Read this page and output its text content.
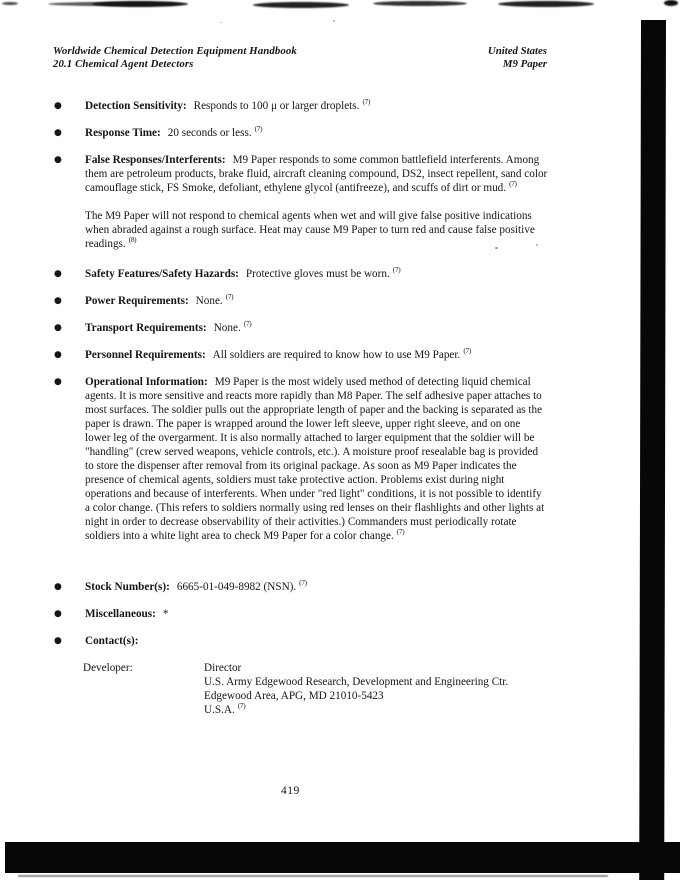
Worldwide Chemical Detection Equipment Handbook
20.1 Chemical Agent Detectors
United States
M9 Paper
● Detection Sensitivity: Responds to 100 μ or larger droplets. $^{(7)}$
● Response Time: 20 seconds or less. $^{(7)}$
● False Responses/Interferents: M9 Paper responds to some common battlefield interferents. Among them are petroleum products, brake fluid, aircraft cleaning compound, DS2, insect repellent, sand color camouflage stick, FS Smoke, defoliant, ethylene glycol (antifreeze), and scuffs of dirt or mud. $^{(7)}$
The M9 Paper will not respond to chemical agents when wet and will give false positive indications when abraded against a rough surface. Heat may cause M9 Paper to turn red and cause false positive readings. $^{(8)}$
● Safety Features/Safety Hazards: Protective gloves must be worn. $^{(7)}$
● Power Requirements: None. $^{(7)}$
● Transport Requirements: None. $^{(7)}$
● Personnel Requirements: All soldiers are required to know how to use M9 Paper. $^{(7)}$
● Operational Information: M9 Paper is the most widely used method of detecting liquid chemical agents. It is more sensitive and reacts more rapidly than M8 Paper. The self adhesive paper attaches to most surfaces. The soldier pulls out the appropriate length of paper and the backing is separated as the paper is drawn. The paper is wrapped around the lower left sleeve, upper right sleeve, and on one lower leg of the overgarment. It is also normally attached to larger equipment that the soldier will be "handling" (crew served weapons, vehicle controls, etc.). A moisture proof resealable bag is provided to store the dispenser after removal from its original package. As soon as M9 Paper indicates the presence of chemical agents, soldiers must take protective action. Problems exist during night operations and because of interferents. When under "red light" conditions, it is not possible to identify a color change. (This refers to soldiers normally using red lenses on their flashlights and other lights at night in order to decrease observability of their activities.) Commanders must periodically rotate soldiers into a white light area to check M9 Paper for a color change. $^{(7)}$
● Stock Number(s): 6665-01-049-8982 (NSN). $^{(7)}$
● Miscellaneous: *
● Contact(s):
Developer:	Director
U.S. Army Edgewood Research, Development and Engineering Ctr.
Edgewood Area, APG, MD 21010-5423
U.S.A. $^{(7)}$
419
